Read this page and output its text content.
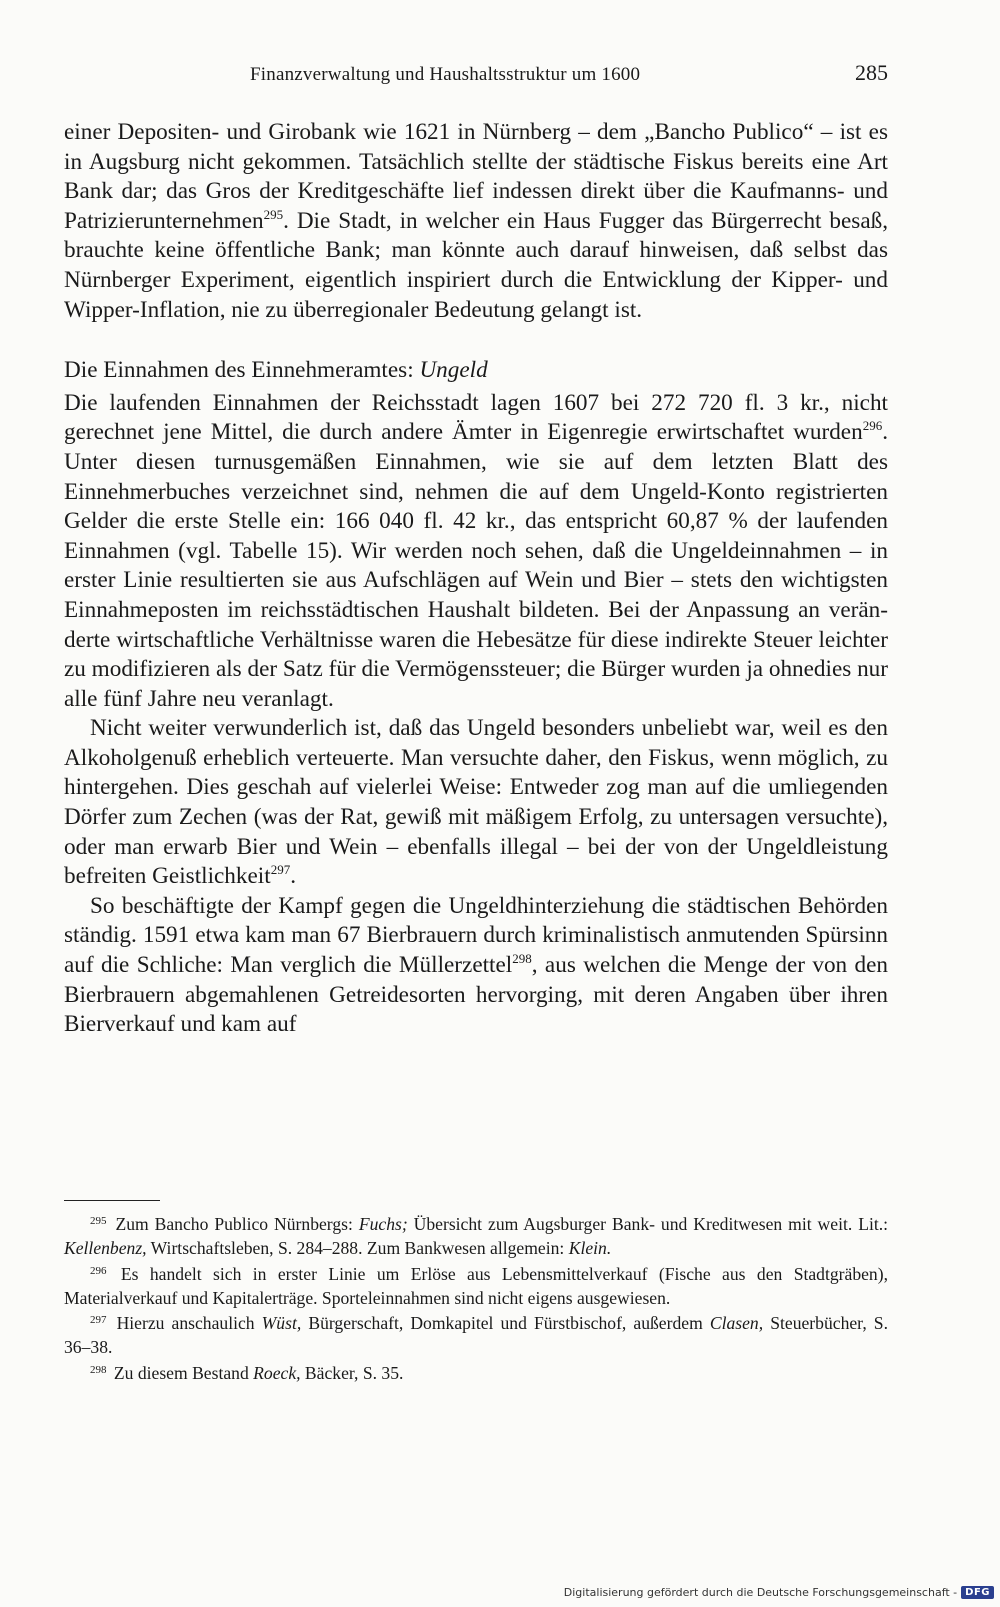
Finanzverwaltung und Haushaltsstruktur um 1600	285

einer Depositen- und Girobank wie 1621 in Nürnberg – dem „Bancho Publico“ – ist es in Augsburg nicht gekommen. Tatsächlich stellte der städtische Fiskus bereits eine Art Bank dar; das Gros der Kreditgeschäfte lief indessen direkt über die Kaufmanns- und Patrizierunternehmen$^{295}$. Die Stadt, in welcher ein Haus Fugger das Bürgerrecht besaß, brauchte keine öffentliche Bank; man könnte auch darauf hinweisen, daß selbst das Nürnberger Experiment, eigentlich inspiriert durch die Entwicklung der Kipper- und Wipper-Inflation, nie zu überregionaler Bedeutung gelangt ist.

Die Einnahmen des Einnehmeramtes: Ungeld

Die laufenden Einnahmen der Reichsstadt lagen 1607 bei 272 720 fl. 3 kr., nicht gerechnet jene Mittel, die durch andere Ämter in Eigenregie erwirtschaftet wurden$^{296}$. Unter diesen turnusgemäßen Einnahmen, wie sie auf dem letzten Blatt des Einnehmerbuches verzeichnet sind, nehmen die auf dem Ungeld-Konto registrierten Gelder die erste Stelle ein: 166 040 fl. 42 kr., das entspricht 60,87 % der laufenden Einnahmen (vgl. Tabelle 15). Wir werden noch sehen, daß die Ungeldeinnahmen – in erster Linie resultierten sie aus Aufschlägen auf Wein und Bier – stets den wichtigsten Einnahmeposten im reichsstädtischen Haushalt bildeten. Bei der Anpassung an veränderte wirtschaftliche Verhältnisse waren die Hebesätze für diese indirekte Steuer leichter zu modifizieren als der Satz für die Vermögenssteuer; die Bürger wurden ja ohnedies nur alle fünf Jahre neu veranlagt.

Nicht weiter verwunderlich ist, daß das Ungeld besonders unbeliebt war, weil es den Alkoholgenuß erheblich verteuerte. Man versuchte daher, den Fiskus, wenn möglich, zu hintergehen. Dies geschah auf vielerlei Weise: Entweder zog man auf die umliegenden Dörfer zum Zechen (was der Rat, gewiß mit mäßigem Erfolg, zu untersagen versuchte), oder man erwarb Bier und Wein – ebenfalls illegal – bei der von der Ungeldleistung befreiten Geistlichkeit$^{297}$.

So beschäftigte der Kampf gegen die Ungeldhinterziehung die städtischen Behörden ständig. 1591 etwa kam man 67 Bierbrauern durch kriminalistisch anmutenden Spürsinn auf die Schliche: Man verglich die Müllerzettel$^{298}$, aus welchen die Menge der von den Bierbrauern abgemahlenen Getreidesorten hervorging, mit deren Angaben über ihren Bierverkauf und kam auf

$^{295}$ Zum Bancho Publico Nürnbergs: Fuchs; Übersicht zum Augsburger Bank- und Kreditwesen mit weit. Lit.: Kellenbenz, Wirtschaftsleben, S. 284–288. Zum Bankwesen allgemein: Klein.

$^{296}$ Es handelt sich in erster Linie um Erlöse aus Lebensmittelverkauf (Fische aus den Stadtgräben), Materialverkauf und Kapitalerträge. Sporteleinnahmen sind nicht eigens ausgewiesen.

$^{297}$ Hierzu anschaulich Wüst, Bürgerschaft, Domkapitel und Fürstbischof, außerdem Clasen, Steuerbücher, S. 36–38.

$^{298}$ Zu diesem Bestand Roeck, Bäcker, S. 35.

Digitalisierung gefördert durch die Deutsche Forschungsgemeinschaft - DFG
